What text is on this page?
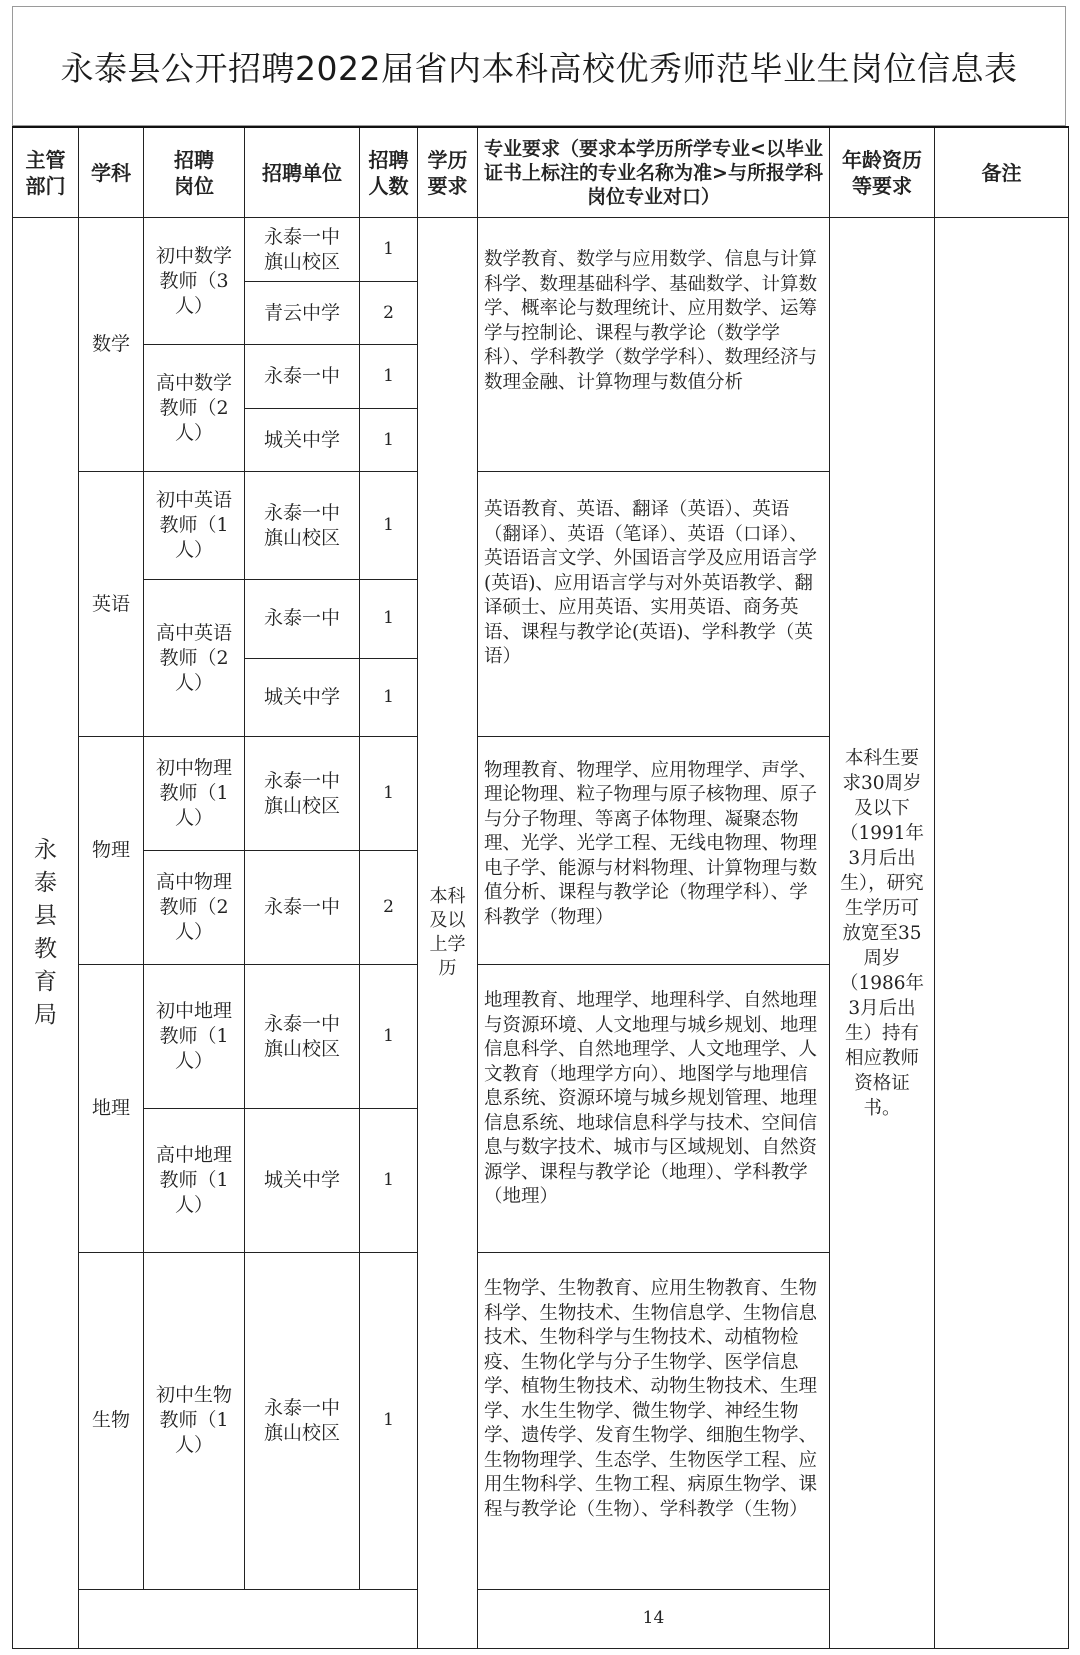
永泰县公开招聘2022届省内本科高校优秀师范毕业生岗位信息表
主管部门	学科	招聘岗位	招聘单位	招聘人数	学历要求	专业要求（要求本学历所学专业<以毕业证书上标注的专业名称为准>与所报学科岗位专业对口）	年龄资历等要求	备注	
永泰县教育局	数学	初中数学教师（3人）	永泰一中旗山校区	1	本科及以上学历	数学教育、数学与应用数学、信息与计算科学、数理基础科学、基础数学、计算数学、概率论与数理统计、应用数学、运筹学与控制论、课程与教学论（数学学科）、学科教学（数学学科）、数理经济与数理金融、计算物理与数值分析	本科生要求30周岁及以下（1991年3月后出生），研究生学历可放宽至35周岁（1986年3月后出生）持有相应教师资格证书。		
			青云中学	2					
		高中数学教师（2人）	永泰一中	1					
			城关中学	1					
	英语	初中英语教师（1人）	永泰一中旗山校区	1		英语教育、英语、翻译（英语）、英语（翻译）、英语（笔译）、英语（口译）、英语语言文学、外国语言学及应用语言学(英语)、应用语言学与对外英语教学、翻译硕士、应用英语、实用英语、商务英语、课程与教学论(英语)、学科教学（英语）			
		高中英语教师（2人）	永泰一中	1					
			城关中学	1					
	物理	初中物理教师（1人）	永泰一中旗山校区	1		物理教育、物理学、应用物理学、声学、理论物理、粒子物理与原子核物理、原子与分子物理、等离子体物理、凝聚态物理、光学、光学工程、无线电物理、物理电子学、能源与材料物理、计算物理与数值分析、课程与教学论（物理学科）、学科教学（物理）			
		高中物理教师（2人）	永泰一中	2					
	地理	初中地理教师（1人）	永泰一中旗山校区	1		地理教育、地理学、地理科学、自然地理与资源环境、人文地理与城乡规划、地理信息科学、自然地理学、人文地理学、人文教育（地理学方向）、地图学与地理信息系统、资源环境与城乡规划管理、地理信息系统、地球信息科学与技术、空间信息与数字技术、城市与区域规划、自然资源学、课程与教学论（地理）、学科教学（地理）			
		高中地理教师（1人）	城关中学	1					
	生物	初中生物教师（1人）	永泰一中旗山校区	1		生物学、生物教育、应用生物教育、生物科学、生物技术、生物信息学、生物信息技术、生物科学与生物技术、动植物检疫、生物化学与分子生物学、医学信息学、植物生物技术、动物生物技术、生理学、水生生物学、微生物学、神经生物学、遗传学、发育生物学、细胞生物学、生物物理学、生态学、生物医学工程、应用生物科学、生物工程、病原生物学、课程与教学论（生物）、学科教学（生物）			
						14				
